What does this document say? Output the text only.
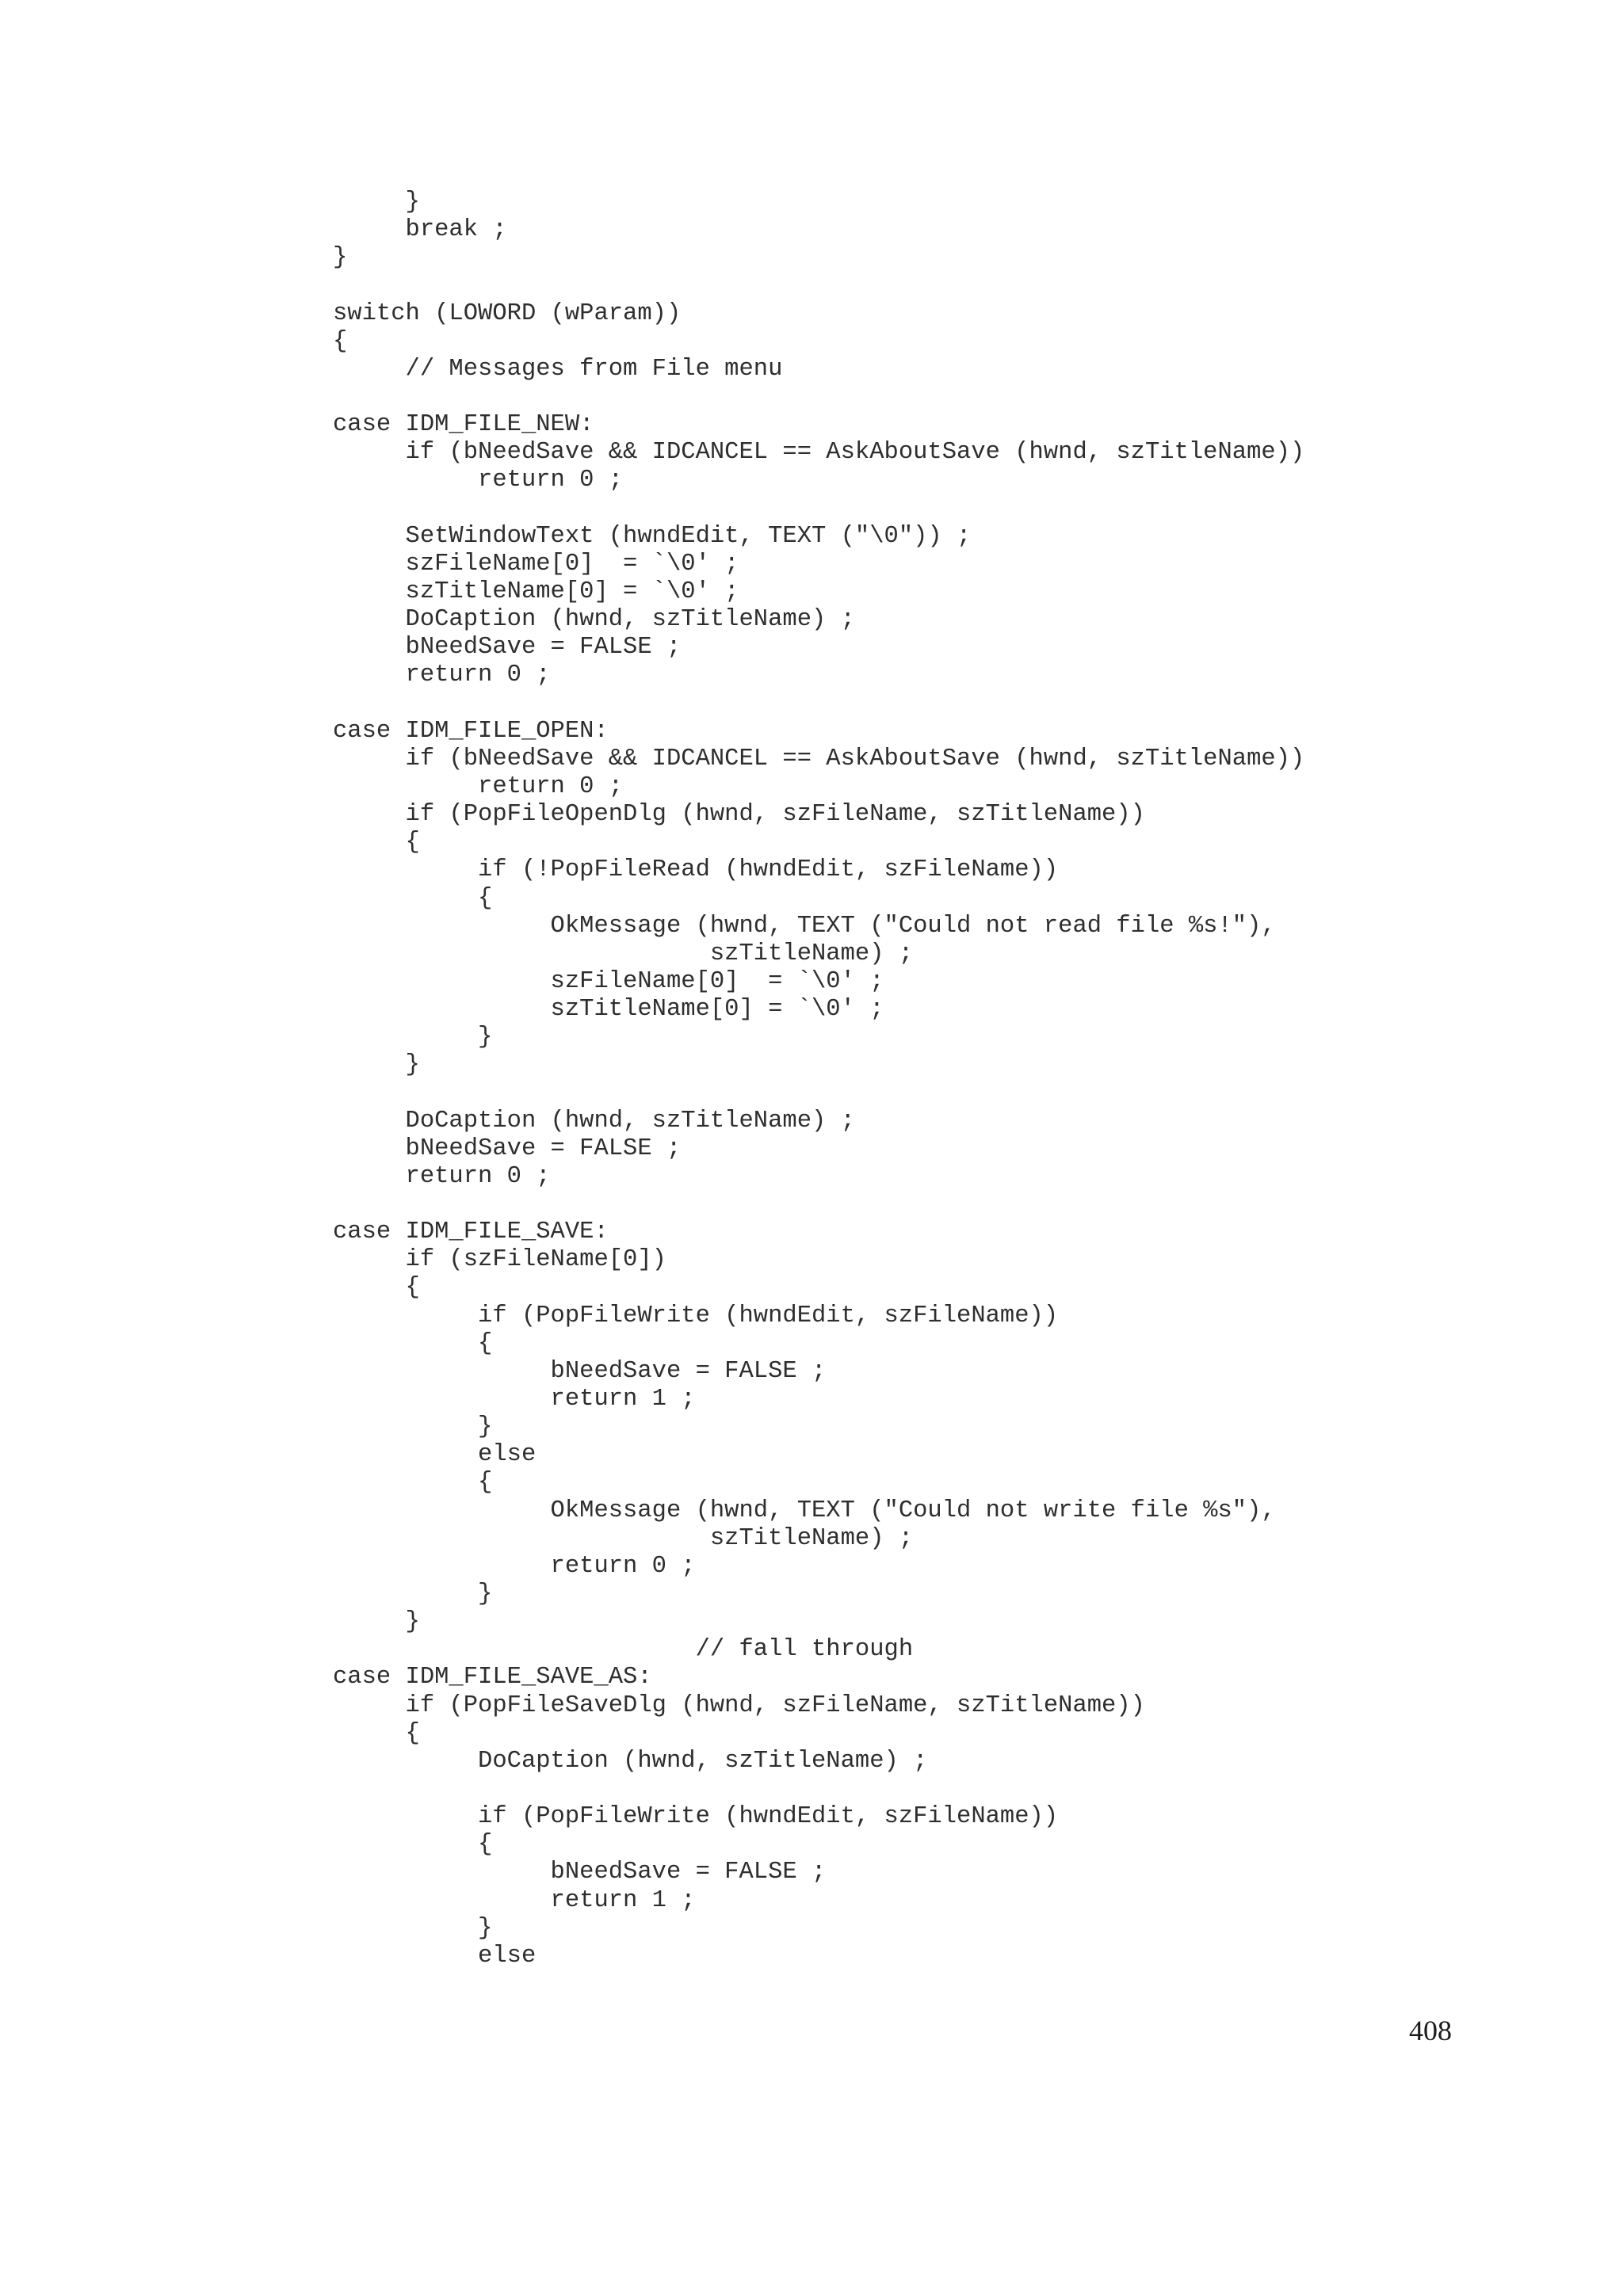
}
break ;
}
switch (LOWORD (wParam))
{
// Messages from File menu
case IDM_FILE_NEW:
if (bNeedSave && IDCANCEL == AskAboutSave (hwnd, szTitleName))
return 0 ;
SetWindowText (hwndEdit, TEXT ("\0")) ;
szFileName[0]  = `\0' ;
szTitleName[0] = `\0' ;
DoCaption (hwnd, szTitleName) ;
bNeedSave = FALSE ;
return 0 ;
case IDM_FILE_OPEN:
if (bNeedSave && IDCANCEL == AskAboutSave (hwnd, szTitleName))
return 0 ;
if (PopFileOpenDlg (hwnd, szFileName, szTitleName))
{
if (!PopFileRead (hwndEdit, szFileName))
{
OkMessage (hwnd, TEXT ("Could not read file %s!"),
szTitleName) ;
szFileName[0]  = `\0' ;
szTitleName[0] = `\0' ;
}
}
DoCaption (hwnd, szTitleName) ;
bNeedSave = FALSE ;
return 0 ;
case IDM_FILE_SAVE:
if (szFileName[0])
{
if (PopFileWrite (hwndEdit, szFileName))
{
bNeedSave = FALSE ;
return 1 ;
}
else
{
OkMessage (hwnd, TEXT ("Could not write file %s"),
szTitleName) ;
return 0 ;
}
}
// fall through
case IDM_FILE_SAVE_AS:
if (PopFileSaveDlg (hwnd, szFileName, szTitleName))
{
DoCaption (hwnd, szTitleName) ;
if (PopFileWrite (hwndEdit, szFileName))
{
bNeedSave = FALSE ;
return 1 ;
}
else
408
